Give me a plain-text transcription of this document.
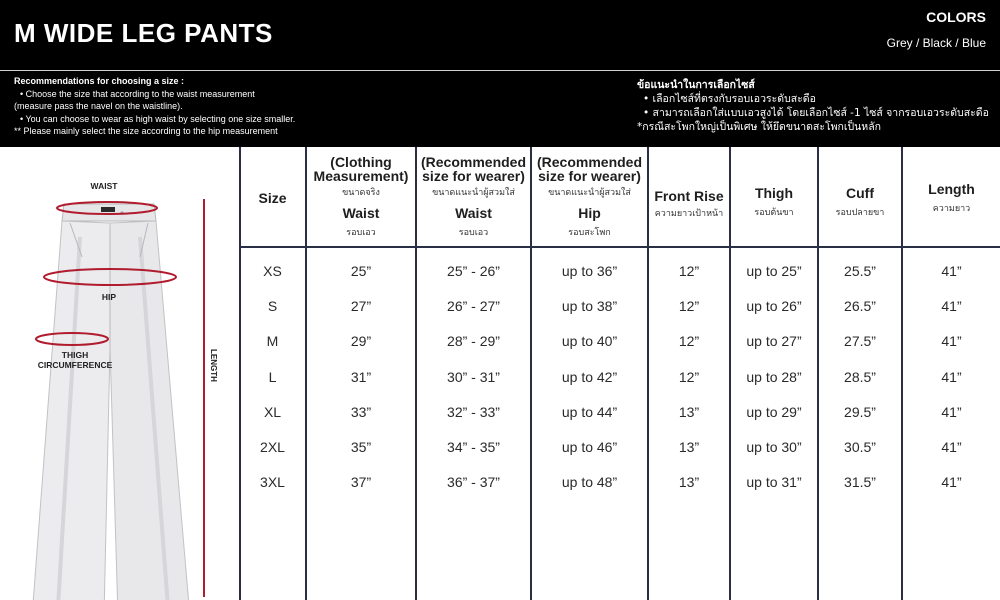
M WIDE LEG PANTS
COLORS
Grey / Black / Blue
Recommendations for choosing a size :
• Choose the size that according to the waist measurement
(measure pass the navel on the waistline).
• You can choose to wear as high waist by selecting one size smaller.
** Please mainly select the size according to the hip measurement
ข้อแนะนำในการเลือกไซส์
• เลือกไซส์ที่ตรงกับรอบเอวระดับสะดือ
• สามารถเลือกใส่แบบเอวสูงได้ โดยเลือกไซส์ -1 ไซส์ จากรอบเอวระดับสะดือ
*กรณีสะโพกใหญ่เป็นพิเศษ ให้ยึดขนาดสะโพกเป็นหลัก
WAIST
HIP
THIGH
CIRCUMFERENCE	LENGTH
Size	(Clothing Measurement)
ขนาดจริง
Waist
รอบเอว	(Recommended size for wearer)
ขนาดแนะนำผู้สวมใส่
Waist
รอบเอว	(Recommended size for wearer)
ขนาดแนะนำผู้สวมใส่
Hip
รอบสะโพก	Front Rise
ความยาวเป้าหน้า	Thigh
รอบต้นขา	Cuff
รอบปลายขา	Length
ความยาว

XS	25”	25” - 26”	up to 36”	12”	up to 25”	25.5”	41”
S	27”	26” - 27”	up to 38”	12”	up to 26”	26.5”	41”
M	29”	28” - 29”	up to 40”	12”	up to 27”	27.5”	41”
L	31”	30” - 31”	up to 42”	12”	up to 28”	28.5”	41”
XL	33”	32” - 33”	up to 44”	13”	up to 29”	29.5”	41”
2XL	35”	34” - 35”	up to 46”	13”	up to 30”	30.5”	41”
3XL	37”	36” - 37”	up to 48”	13”	up to 31”	31.5”	41”
